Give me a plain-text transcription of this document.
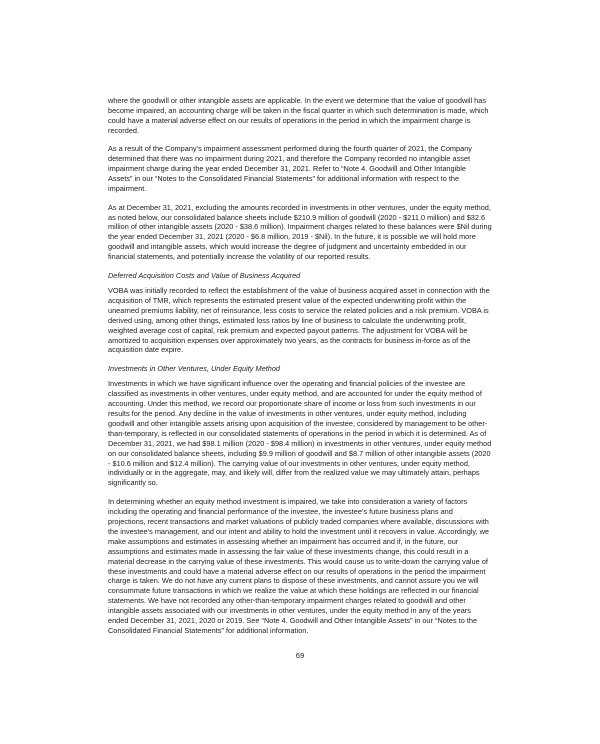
where the goodwill or other intangible assets are applicable. In the event we determine that the value of goodwill has become impaired, an accounting charge will be taken in the fiscal quarter in which such determination is made, which could have a material adverse effect on our results of operations in the period in which the impairment charge is recorded.

As a result of the Company’s impairment assessment performed during the fourth quarter of 2021, the Company determined that there was no impairment during 2021, and therefore the Company recorded no intangible asset impairment charge during the year ended December 31, 2021. Refer to “Note 4. Goodwill and Other Intangible Assets” in our “Notes to the Consolidated Financial Statements” for additional information with respect to the impairment.

As at December 31, 2021, excluding the amounts recorded in investments in other ventures, under the equity method, as noted below, our consolidated balance sheets include $210.9 million of goodwill (2020 - $211.0 million) and $32.6 million of other intangible assets (2020 - $38.6 million). Impairment charges related to these balances were $Nil during the year ended December 31, 2021 (2020 - $6.8 million, 2019 - $Nil). In the future, it is possible we will hold more goodwill and intangible assets, which would increase the degree of judgment and uncertainty embedded in our financial statements, and potentially increase the volatility of our reported results.

Deferred Acquisition Costs and Value of Business Acquired

VOBA was initially recorded to reflect the establishment of the value of business acquired asset in connection with the acquisition of TMR, which represents the estimated present value of the expected underwriting profit within the unearned premiums liability, net of reinsurance, less costs to service the related policies and a risk premium. VOBA is derived using, among other things, estimated loss ratios by line of business to calculate the underwriting profit, weighted average cost of capital, risk premium and expected payout patterns. The adjustment for VOBA will be amortized to acquisition expenses over approximately two years, as the contracts for business in-force as of the acquisition date expire.

Investments in Other Ventures, Under Equity Method

Investments in which we have significant influence over the operating and financial policies of the investee are classified as investments in other ventures, under equity method, and are accounted for under the equity method of accounting. Under this method, we record our proportionate share of income or loss from such investments in our results for the period. Any decline in the value of investments in other ventures, under equity method, including goodwill and other intangible assets arising upon acquisition of the investee, considered by management to be other-than-temporary, is reflected in our consolidated statements of operations in the period in which it is determined. As of December 31, 2021, we had $98.1 million (2020 - $98.4 million) in investments in other ventures, under equity method on our consolidated balance sheets, including $9.9 million of goodwill and $8.7 million of other intangible assets (2020 - $10.6 million and $12.4 million). The carrying value of our investments in other ventures, under equity method, individually or in the aggregate, may, and likely will, differ from the realized value we may ultimately attain, perhaps significantly so.

In determining whether an equity method investment is impaired, we take into consideration a variety of factors including the operating and financial performance of the investee, the investee’s future business plans and projections, recent transactions and market valuations of publicly traded companies where available, discussions with the investee’s management, and our intent and ability to hold the investment until it recovers in value. Accordingly, we make assumptions and estimates in assessing whether an impairment has occurred and if, in the future, our assumptions and estimates made in assessing the fair value of these investments change, this could result in a material decrease in the carrying value of these investments. This would cause us to write-down the carrying value of these investments and could have a material adverse effect on our results of operations in the period the impairment charge is taken. We do not have any current plans to dispose of these investments, and cannot assure you we will consummate future transactions in which we realize the value at which these holdings are reflected in our financial statements. We have not recorded any other-than-temporary impairment charges related to goodwill and other intangible assets associated with our investments in other ventures, under the equity method in any of the years ended December 31, 2021, 2020 or 2019. See “Note 4. Goodwill and Other Intangible Assets” in our “Notes to the Consolidated Financial Statements” for additional information.

69
